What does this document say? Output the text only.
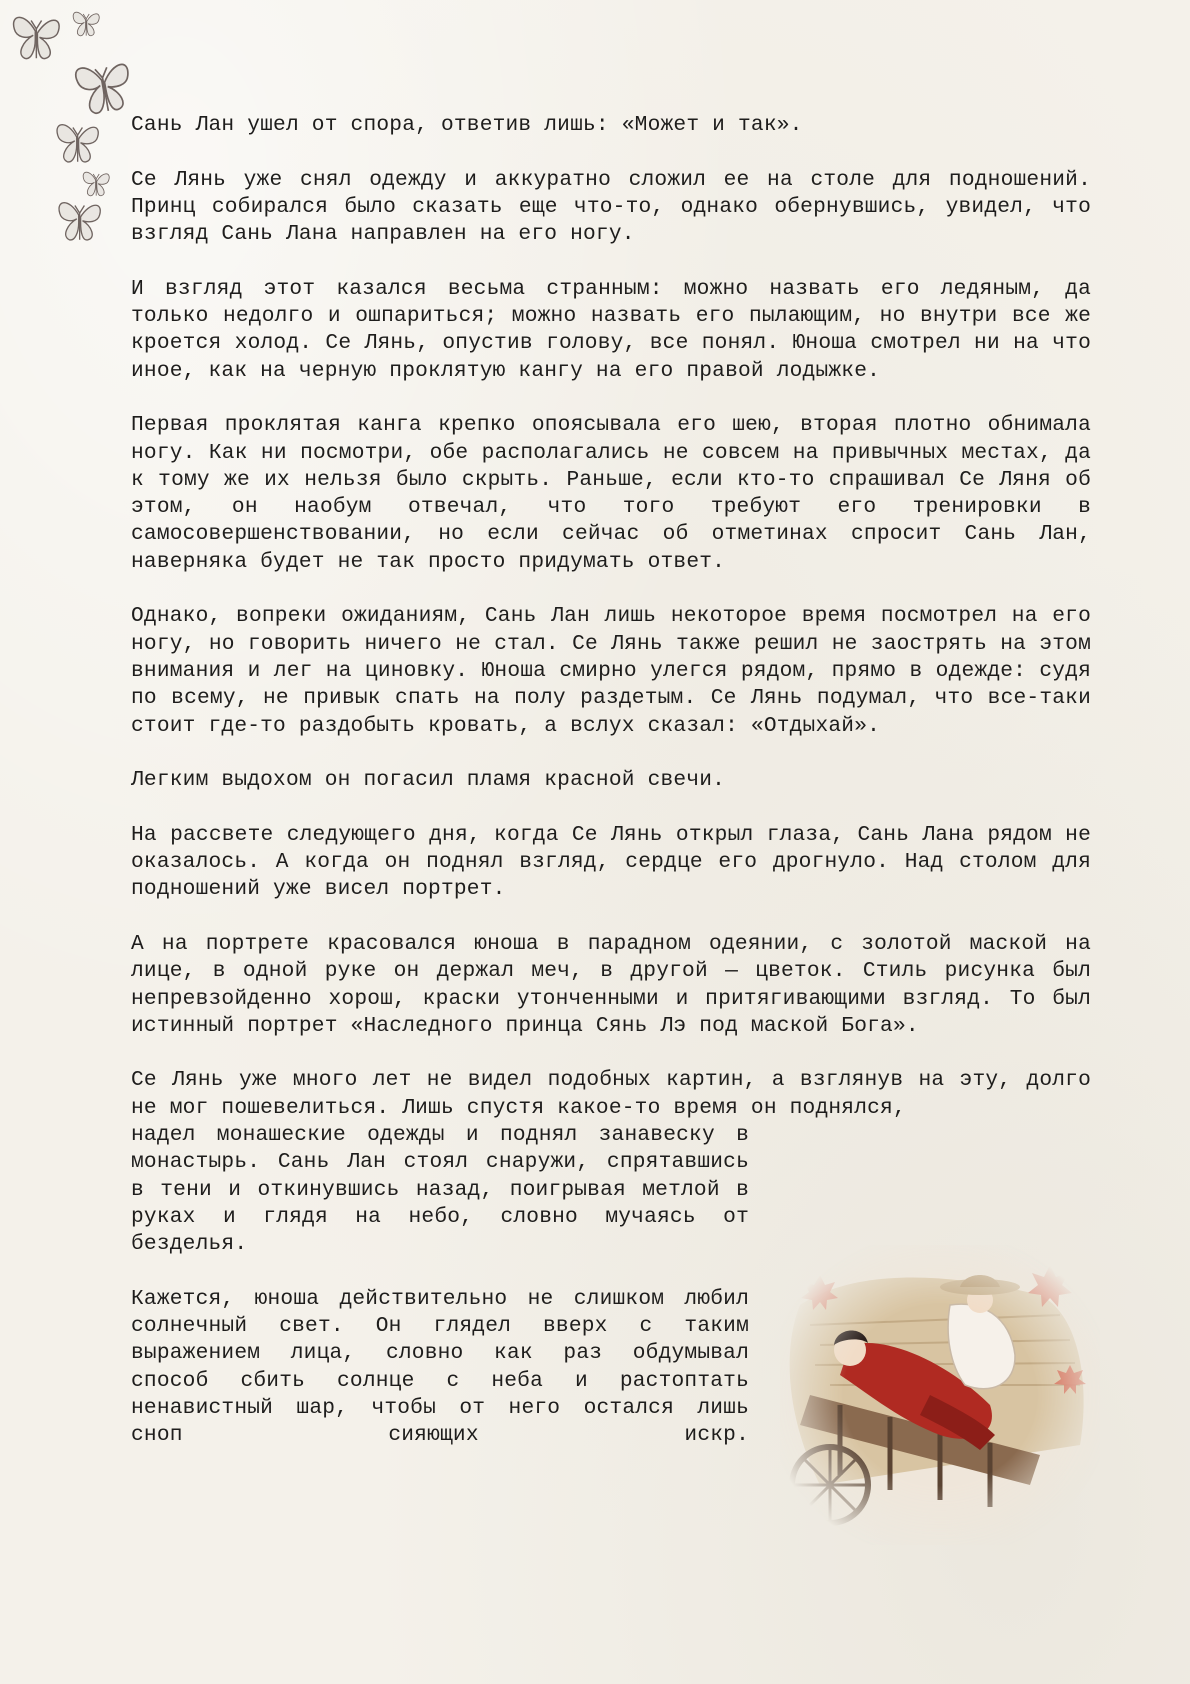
Сань Лан ушел от спора, ответив лишь: «Может и так».

Се Лянь уже снял одежду и аккуратно сложил ее на столе для подношений. Принц собирался было сказать еще что-то, однако обернувшись, увидел, что взгляд Сань Лана направлен на его ногу.

И взгляд этот казался весьма странным: можно назвать его ледяным, да только недолго и ошпариться; можно назвать его пылающим, но внутри все же кроется холод. Се Лянь, опустив голову, все понял. Юноша смотрел ни на что иное, как на черную проклятую кангу на его правой лодыжке.

Первая проклятая канга крепко опоясывала его шею, вторая плотно обнимала ногу. Как ни посмотри, обе располагались не совсем на привычных местах, да к тому же их нельзя было скрыть. Раньше, если кто-то спрашивал Се Ляня об этом, он наобум отвечал, что того требуют его тренировки в самосовершенствовании, но если сейчас об отметинах спросит Сань Лан, наверняка будет не так просто придумать ответ.

Однако, вопреки ожиданиям, Сань Лан лишь некоторое время посмотрел на его ногу, но говорить ничего не стал. Се Лянь также решил не заострять на этом внимания и лег на циновку. Юноша смирно улегся рядом, прямо в одежде: судя по всему, не привык спать на полу раздетым. Се Лянь подумал, что все-таки стоит где-то раздобыть кровать, а вслух сказал: «Отдыхай».

Легким выдохом он погасил пламя красной свечи.

На рассвете следующего дня, когда Се Лянь открыл глаза, Сань Лана рядом не оказалось. А когда он поднял взгляд, сердце его дрогнуло. Над столом для подношений уже висел портрет.

А на портрете красовался юноша в парадном одеянии, с золотой маской на лице, в одной руке он держал меч, в другой — цветок. Стиль рисунка был непревзойденно хорош, краски утонченными и притягивающими взгляд. То был истинный портрет «Наследного принца Сянь Лэ под маской Бога».

Се Лянь уже много лет не видел подобных картин, а взглянув на эту, долго не мог пошевелиться. Лишь спустя какое-то время он поднялся,

надел монашеские одежды и поднял занавеску в монастырь. Сань Лан стоял снаружи, спрятавшись в тени и откинувшись назад, поигрывая метлой в руках и глядя на небо, словно мучаясь от безделья.

Кажется, юноша действительно не слишком любил солнечный свет. Он глядел вверх с таким выражением лица, словно как раз обдумывал способ сбить солнце с неба и растоптать ненавистный шар, чтобы от него остался лишь сноп сияющих искр.
